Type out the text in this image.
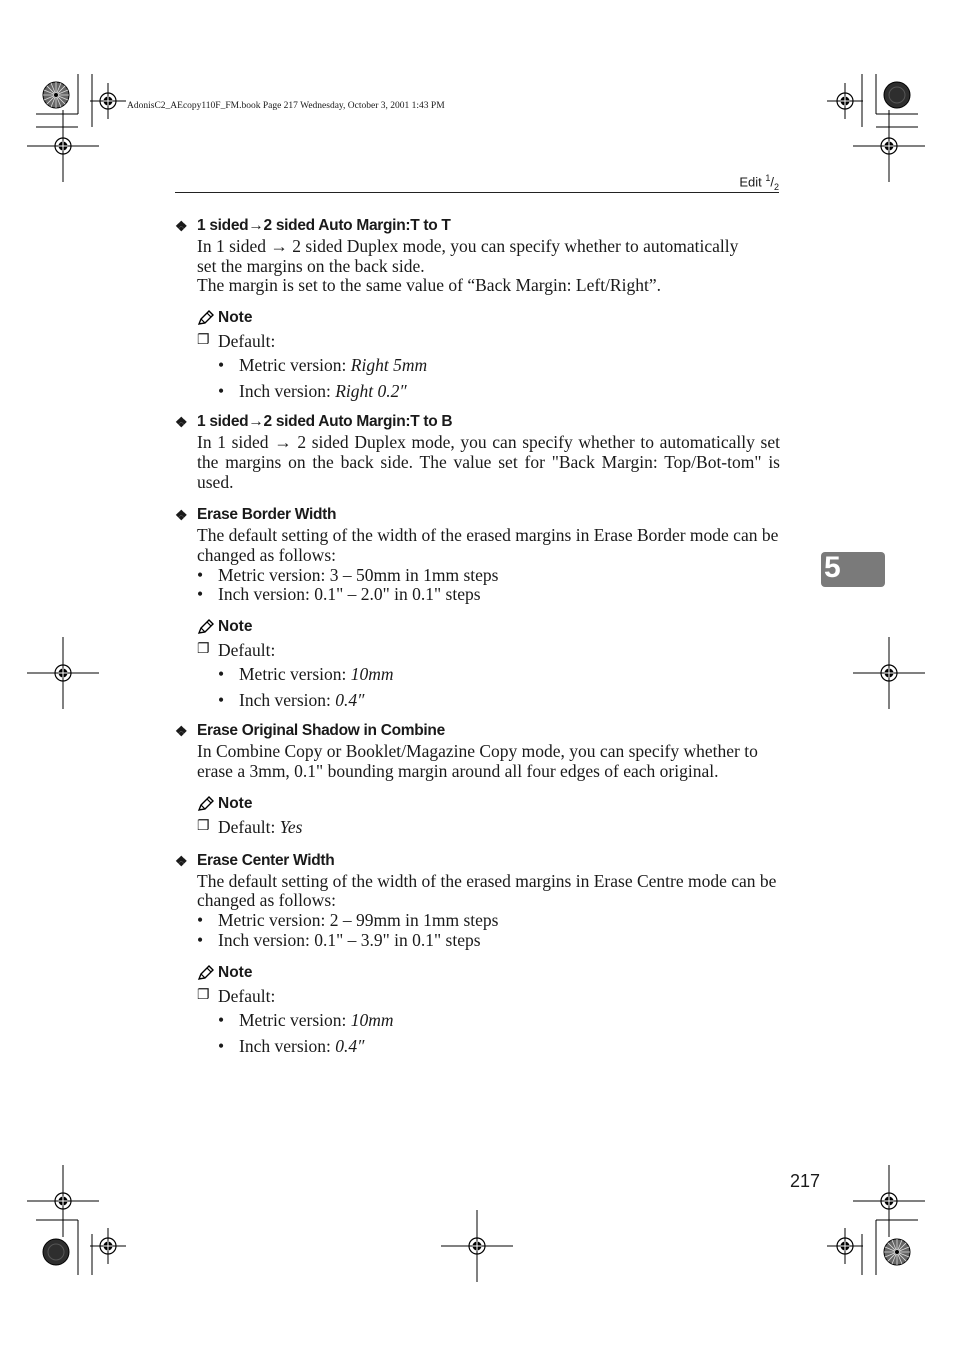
AdonisC2_AEcopy110F_FM.book Page 217 Wednesday, October 3, 2001 1:43 PM
Edit $^1/_2$
5
217
❖ 1 sided → 2 sided Auto Margin:T to T

In 1 sided → 2 sided Duplex mode, you can specify whether to automatically

set the margins on the back side.

The margin is set to the same value of “Back Margin: Left/Right”.

Note
❐ Default:
• Metric version: Right 5mm
• Inch version: Right 0.2″
❖ 1 sided → 2 sided Auto Margin:T to B
In 1 sided → 2 sided Duplex mode, you can specify whether to automatically set the margins on the back side. The value set for "Back Margin: Top/Bot-tom" is used.
❖ Erase Border Width
The default setting of the width of the erased margins in Erase Border mode can be changed as follows:
• Metric version: 3 – 50mm in 1mm steps
• Inch version: 0.1" – 2.0" in 0.1" steps
Note
❐ Default:
• Metric version: 10mm
• Inch version: 0.4″
❖ Erase Original Shadow in Combine
In Combine Copy or Booklet/Magazine Copy mode, you can specify whether to erase a 3mm, 0.1" bounding margin around all four edges of each original.
Note
❐ Default: Yes
❖ Erase Center Width
The default setting of the width of the erased margins in Erase Centre mode can be changed as follows:
• Metric version: 2 – 99mm in 1mm steps
• Inch version: 0.1" – 3.9" in 0.1" steps
Note
❐ Default:
• Metric version: 10mm
• Inch version: 0.4″
